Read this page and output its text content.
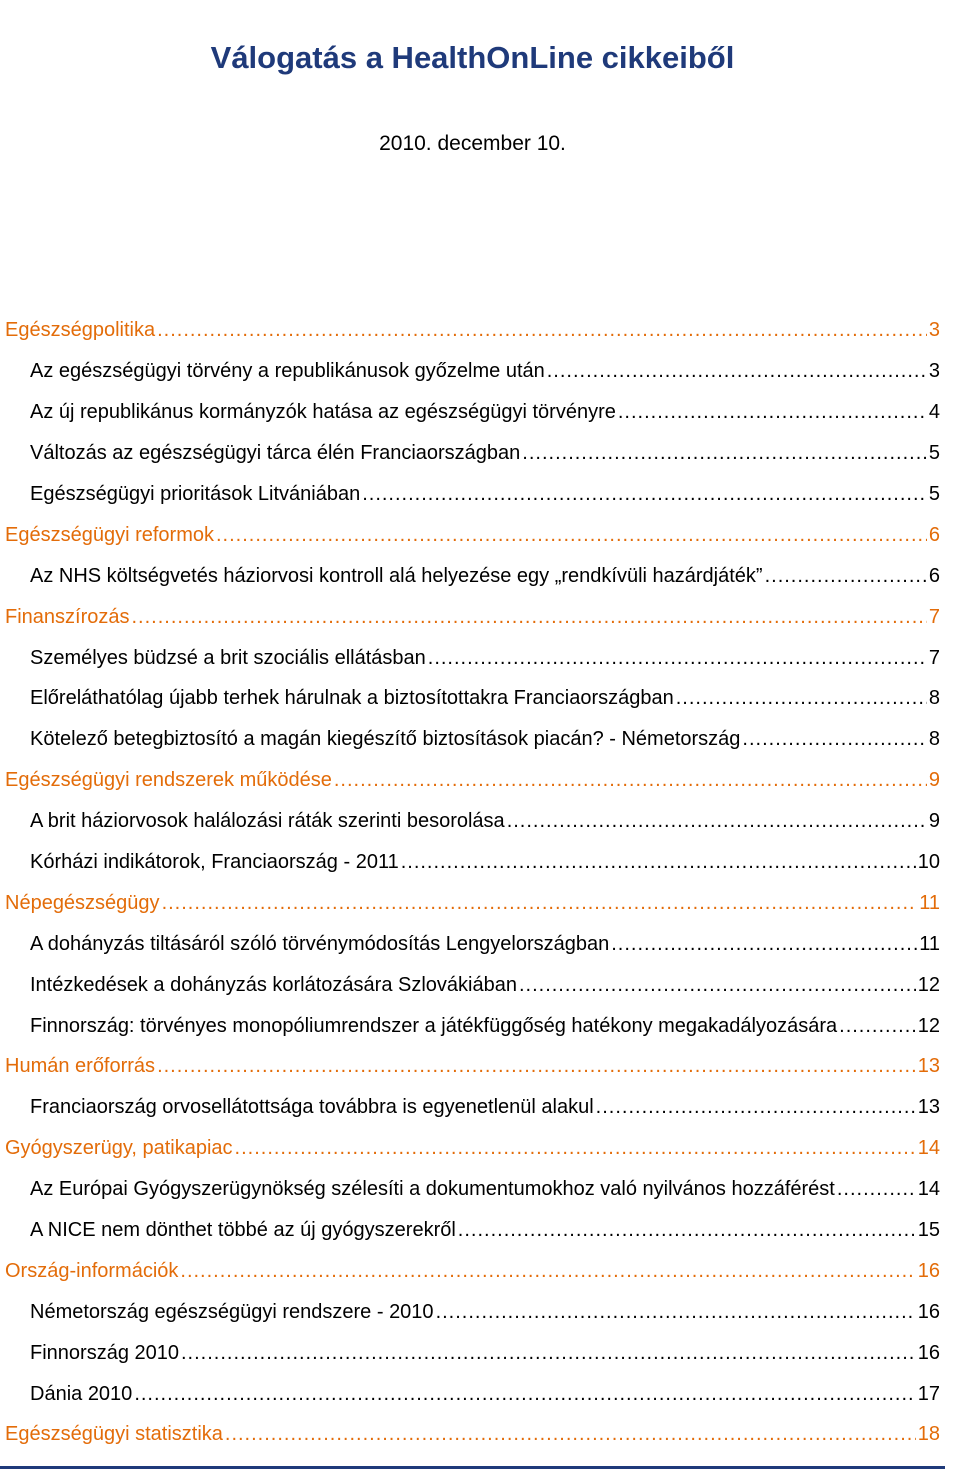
Válogatás a HealthOnLine cikkeiből
2010. december 10.
Egészségpolitika .....	3
Az egészségügyi törvény a republikánusok győzelme után .....	3
Az új republikánus kormányzók hatása az egészségügyi törvényre .....	4
Változás az egészségügyi tárca élén Franciaországban .....	5
Egészségügyi prioritások Litvániában .....	5
Egészségügyi reformok .....	6
Az NHS költségvetés háziorvosi kontroll alá helyezése egy „rendkívüli hazárdjáték” .....	6
Finanszírozás .....	7
Személyes büdzsé a brit szociális ellátásban .....	7
Előreláthatólag újabb terhek hárulnak a biztosítottakra Franciaországban .....	8
Kötelező betegbiztosító a magán kiegészítő biztosítások piacán? - Németország .....	8
Egészségügyi rendszerek működése .....	9
A brit háziorvosok halálozási ráták szerinti besorolása .....	9
Kórházi indikátorok, Franciaország - 2011 .....	10
Népegészségügy .....	11
A dohányzás tiltásáról szóló törvénymódosítás Lengyelországban .....	11
Intézkedések a dohányzás korlátozására Szlovákiában .....	12
Finnország: törvényes monopóliumrendszer a játékfüggőség hatékony megakadályozására .....	12
Humán erőforrás .....	13
Franciaország orvosellátottsága továbbra is egyenetlenül alakul .....	13
Gyógyszerügy, patikapiac .....	14
Az Európai Gyógyszerügynökség szélesíti a dokumentumokhoz való nyilvános hozzáférést .....	14
A NICE nem dönthet többé az új gyógyszerekről .....	15
Ország-információk .....	16
Németország egészségügyi rendszere - 2010 .....	16
Finnország 2010 .....	16
Dánia 2010 .....	17
Egészségügyi statisztika .....	18
